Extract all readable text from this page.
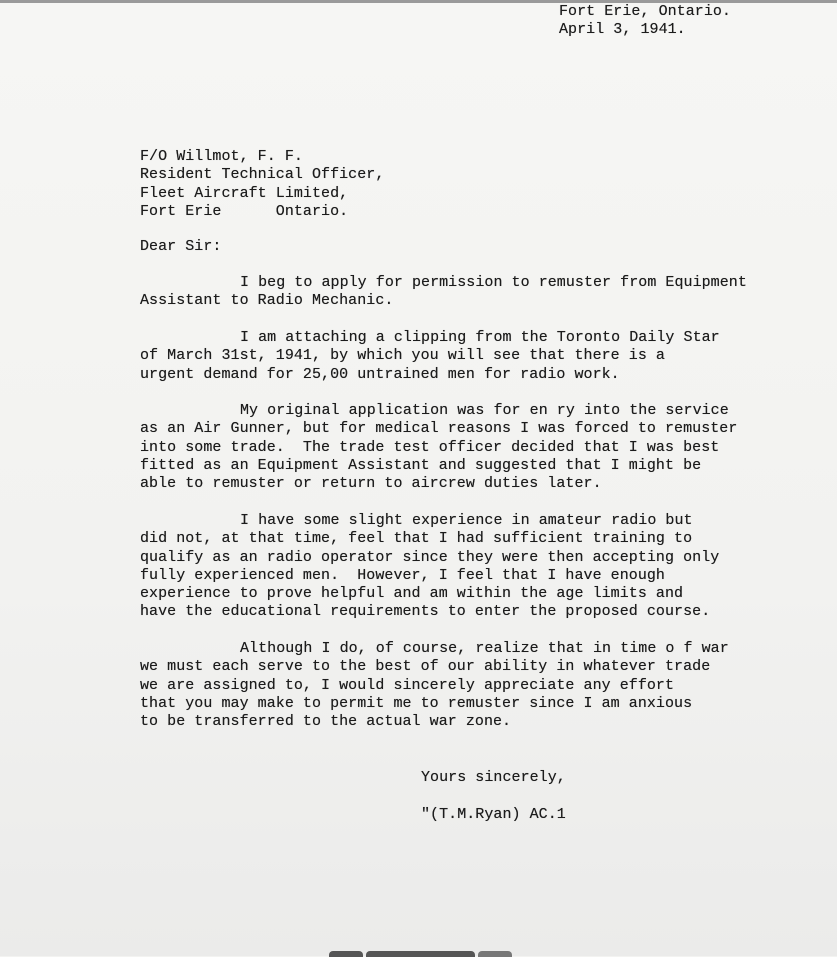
Fort Erie, Ontario.
April 3, 1941.
F/O Willmot, F. F.
Resident Technical Officer,
Fleet Aircraft Limited,
Fort Erie      Ontario.
Dear Sir:
I beg to apply for permission to remuster from Equipment
Assistant to Radio Mechanic.
I am attaching a clipping from the Toronto Daily Star
of March 31st, 1941, by which you will see that there is a
urgent demand for 25,00 untrained men for radio work.
My original application was for en ry into the service
as an Air Gunner, but for medical reasons I was forced to remuster
into some trade.  The trade test officer decided that I was best
fitted as an Equipment Assistant and suggested that I might be
able to remuster or return to aircrew duties later.
I have some slight experience in amateur radio but
did not, at that time, feel that I had sufficient training to
qualify as an radio operator since they were then accepting only
fully experienced men.  However, I feel that I have enough
experience to prove helpful and am within the age limits and
have the educational requirements to enter the proposed course.
Although I do, of course, realize that in time o f war
we must each serve to the best of our ability in whatever trade
we are assigned to, I would sincerely appreciate any effort
that you may make to permit me to remuster since I am anxious
to be transferred to the actual war zone.
Yours sincerely,
"(T.M.Ryan) AC.1
